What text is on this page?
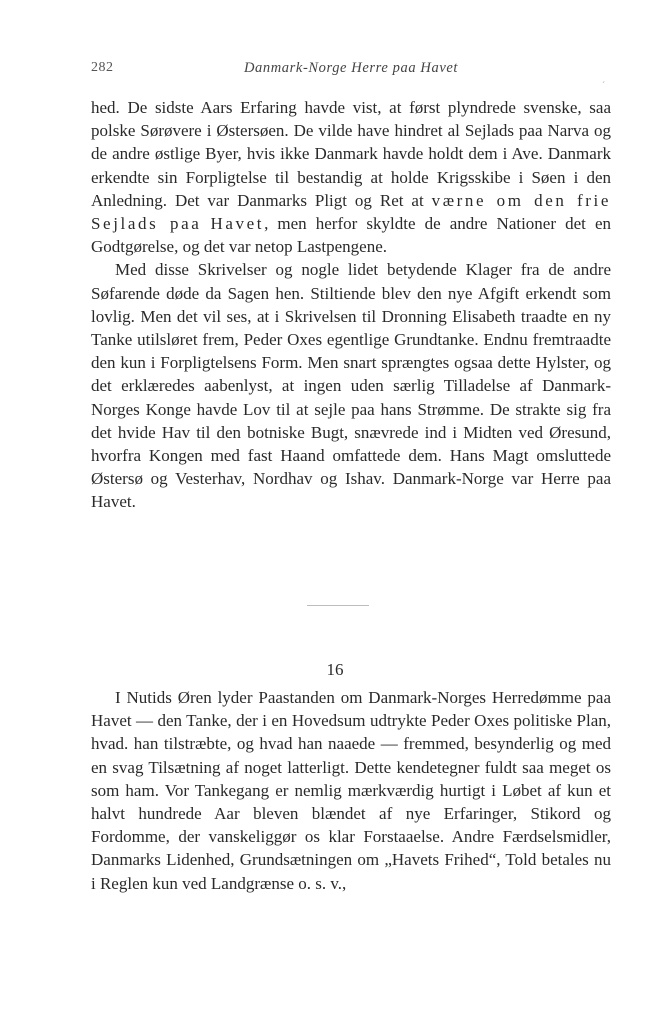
282	Danmark-Norge Herre paa Havet
´

hed. De sidste Aars Erfaring havde vist, at først plyndrede svenske, saa polske Sørøvere i Østersøen. De vilde have hindret al Sejlads paa Narva og de andre østlige Byer, hvis ikke Danmark havde holdt dem i Ave. Danmark erkendte sin Forpligtelse til bestandig at holde Krigsskibe i Søen i den Anledning. Det var Danmarks Pligt og Ret at værne om den frie Sejlads paa Havet, men herfor skyldte de andre Nationer det en Godtgørelse, og det var netop Lastpengene.

Med disse Skrivelser og nogle lidet betydende Klager fra de andre Søfarende døde da Sagen hen. Stiltiende blev den nye Afgift erkendt som lovlig. Men det vil ses, at i Skrivelsen til Dronning Elisabeth traadte en ny Tanke utilsløret frem, Peder Oxes egentlige Grundtanke. Endnu fremtraadte den kun i Forpligtelsens Form. Men snart sprængtes ogsaa dette Hylster, og det erklæredes aabenlyst, at ingen uden særlig Tilladelse af Danmark-Norges Konge havde Lov til at sejle paa hans Strømme. De strakte sig fra det hvide Hav til den botniske Bugt, snævrede ind i Midten ved Øresund, hvorfra Kongen med fast Haand omfattede dem. Hans Magt omsluttede Østersø og Vesterhav, Nordhav og Ishav. Danmark-Norge var Herre paa Havet.

16

I Nutids Øren lyder Paastanden om Danmark-Norges Herredømme paa Havet — den Tanke, der i en Hovedsum udtrykte Peder Oxes politiske Plan, hvad. han tilstræbte, og hvad han naaede — fremmed, besynderlig og med en svag Tilsætning af noget latterligt. Dette kendetegner fuldt saa meget os som ham. Vor Tankegang er nemlig mærkværdig hurtigt i Løbet af kun et halvt hundrede Aar bleven blændet af nye Erfaringer, Stikord og Fordomme, der vanskeliggør os klar Forstaaelse. Andre Færdselsmidler, Danmarks Lidenhed, Grundsætningen om „Havets Frihed“, Told betales nu i Reglen kun ved Landgrænse o. s. v.,
